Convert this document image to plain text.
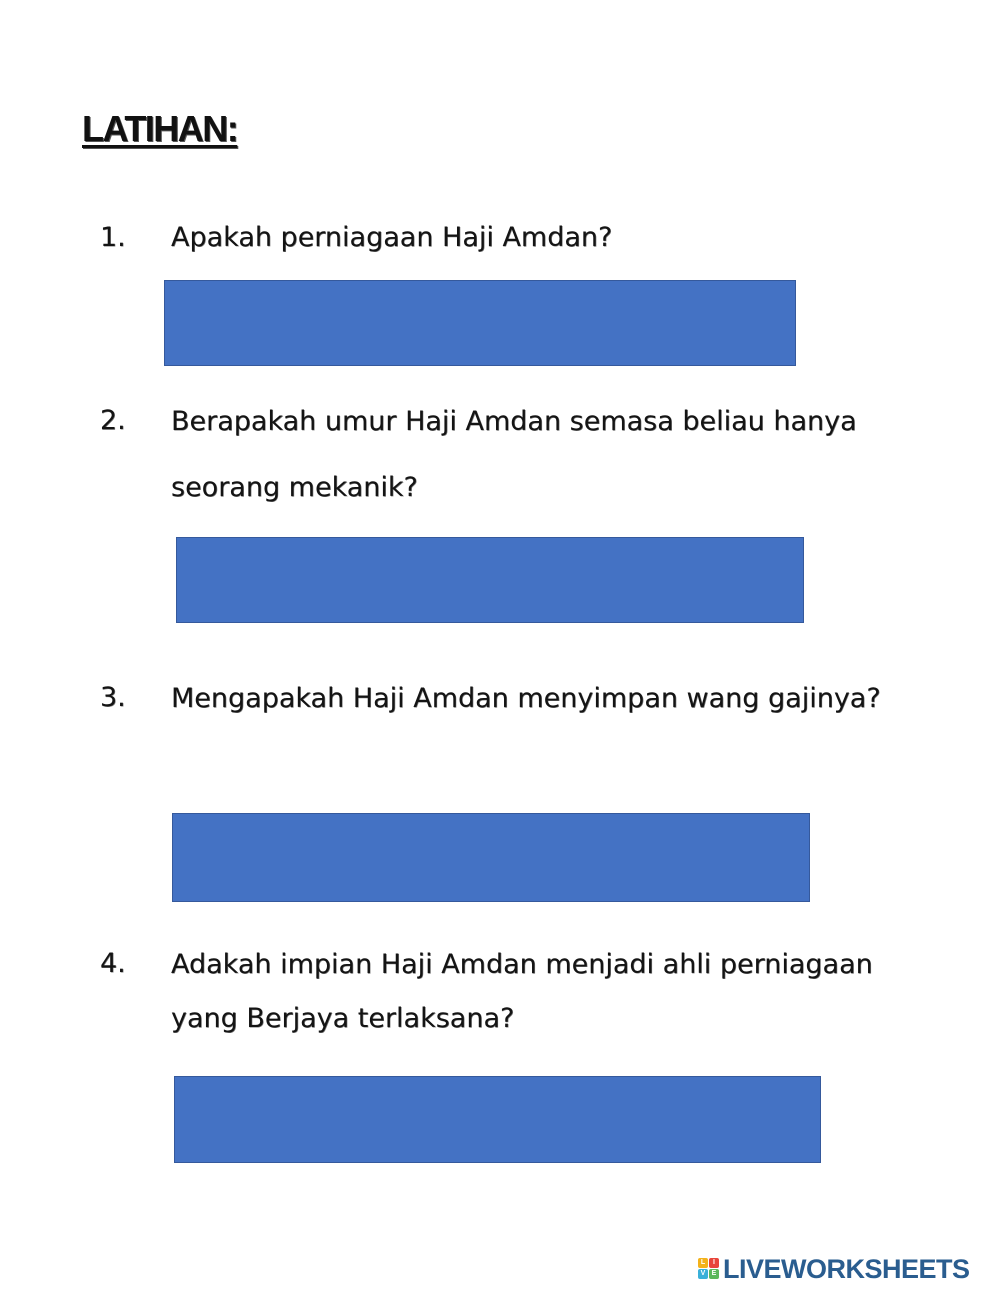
LATIHAN:
1. Apakah perniagaan Haji Amdan?
2. Berapakah umur Haji Amdan semasa beliau hanya seorang mekanik?
3. Mengapakah Haji Amdan menyimpan wang gajinya?
4. Adakah impian Haji Amdan menjadi ahli perniagaan yang Berjaya terlaksana?
L	I
V E LIVEWORKSHEETS
